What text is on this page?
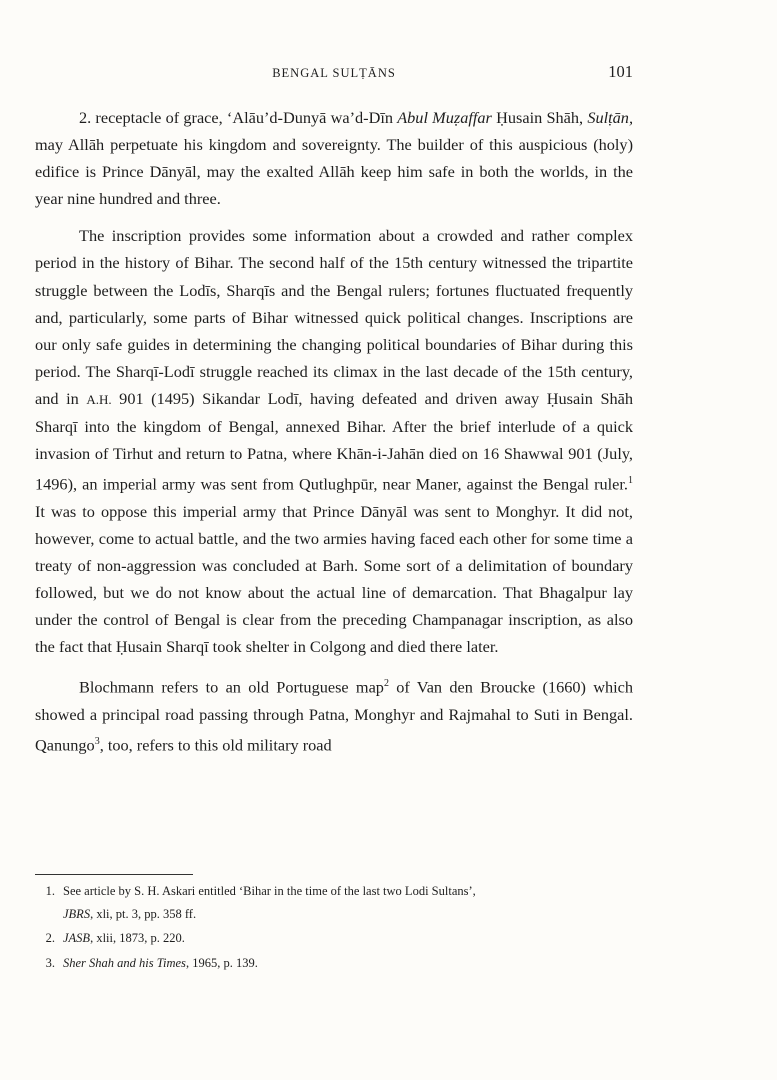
BENGAL SULṬĀNS	101

2. receptacle of grace, ‘Alāu’d-Dunyā wa’d-Dīn Abul Muẓaffar Ḥusain Shāh, Sulṭān, may Allāh perpetuate his kingdom and sovereignty. The builder of this auspicious (holy) edifice is Prince Dānyāl, may the exalted Allāh keep him safe in both the worlds, in the year nine hundred and three.

The inscription provides some information about a crowded and rather complex period in the history of Bihar. The second half of the 15th century witnessed the tripartite struggle between the Lodīs, Sharqīs and the Bengal rulers; fortunes fluctuated frequently and, particularly, some parts of Bihar witnessed quick political changes. Inscriptions are our only safe guides in determining the changing political boundaries of Bihar during this period. The Sharqī-Lodī struggle reached its climax in the last decade of the 15th century, and in A.H. 901 (1495) Sikandar Lodī, having defeated and driven away Ḥusain Shāh Sharqī into the kingdom of Bengal, annexed Bihar. After the brief interlude of a quick invasion of Tirhut and return to Patna, where Khān-i-Jahān died on 16 Shawwal 901 (July, 1496), an imperial army was sent from Qutlughpūr, near Maner, against the Bengal ruler.$^1$ It was to oppose this imperial army that Prince Dānyāl was sent to Monghyr. It did not, however, come to actual battle, and the two armies having faced each other for some time a treaty of non-aggression was concluded at Barh. Some sort of a delimitation of boundary followed, but we do not know about the actual line of demarcation. That Bhagalpur lay under the control of Bengal is clear from the preceding Champanagar inscription, as also the fact that Ḥusain Sharqī took shelter in Colgong and died there later.

Blochmann refers to an old Portuguese map$^2$ of Van den Broucke (1660) which showed a principal road passing through Patna, Monghyr and Rajmahal to Suti in Bengal. Qanungo$^3$, too, refers to this old military road

1. See article by S. H. Askari entitled ‘Bihar in the time of the last two Lodi Sultans’,
JBRS, xli, pt. 3, pp. 358 ff.
2. JASB, xlii, 1873, p. 220.
3. Sher Shah and his Times, 1965, p. 139.
